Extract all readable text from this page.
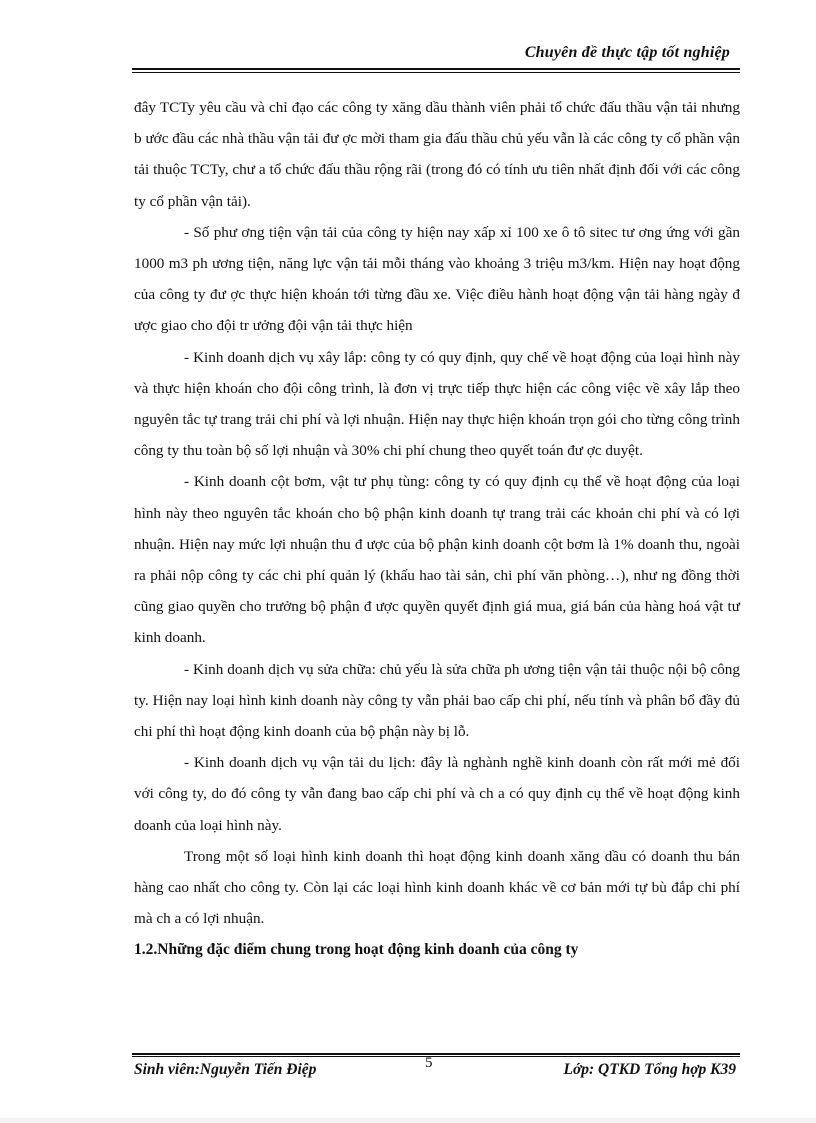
Chuyên đề thực tập tốt nghiệp

đây TCTy yêu cầu và chỉ đạo các công ty xăng dầu thành viên phải tổ chức đấu thầu vận tải nhưng b ước đầu các nhà thầu vận tải đư ợc mời tham gia đấu thầu chủ yếu vẫn là các công ty cổ phần vận tải thuộc TCTy, chư a tổ chức đấu thầu rộng rãi (trong đó có tính ưu tiên nhất định đối với các công ty cổ phần vận tải).

- Số phư ơng tiện vận tải của công ty hiện nay xấp xỉ 100 xe ô tô sitec tư ơng ứng với gần 1000 m3 ph ương tiện, năng lực vận tải mỗi tháng vào khoảng 3 triệu m3/km. Hiện nay hoạt động của công ty đư ợc thực hiện khoán tới từng đầu xe. Việc điều hành hoạt động vận tải hàng ngày đ ược giao cho đội tr ưởng đội vận tải thực hiện

- Kinh doanh dịch vụ xây lắp: công ty có quy định, quy chế về hoạt động của loại hình này và thực hiện khoán cho đội công trình, là đơn vị trực tiếp thực hiện các công việc về xây lắp theo nguyên tắc tự trang trải chi phí và lợi nhuận. Hiện nay thực hiện khoán trọn gói cho từng công trình công ty thu toàn bộ số lợi nhuận và 30% chi phí chung theo quyết toán đư ợc duyệt.

- Kinh doanh cột bơm, vật tư phụ tùng: công ty có quy định cụ thể về hoạt động của loại hình này theo nguyên tắc khoán cho bộ phận kinh doanh tự trang trải các khoản chi phí và có lợi nhuận. Hiện nay mức lợi nhuận thu đ ược của bộ phận kinh doanh cột bơm là 1% doanh thu, ngoài ra phải nộp công ty các chi phí quản lý (khấu hao tài sản, chi phí văn phòng…), như ng đồng thời cũng giao quyền cho trưởng bộ phận đ ược quyền quyết định giá mua, giá bán của hàng hoá vật tư kinh doanh.

- Kinh doanh dịch vụ sửa chữa: chủ yếu là sửa chữa ph ương tiện vận tải thuộc nội bộ công ty. Hiện nay loại hình kinh doanh này công ty vẫn phải bao cấp chi phí, nếu tính và phân bổ đầy đủ chi phí thì hoạt động kinh doanh của bộ phận này bị lỗ.

- Kinh doanh dịch vụ vận tải du lịch: đây là nghành nghề kinh doanh còn rất mới mẻ đối với công ty, do đó công ty vẫn đang bao cấp chi phí và ch a có quy định cụ thể về hoạt động kinh doanh của loại hình này.

Trong một số loại hình kinh doanh thì hoạt động kinh doanh xăng dầu có doanh thu bán hàng cao nhất cho công ty. Còn lại các loại hình kinh doanh khác về cơ bản mới tự bù đắp chi phí mà ch a có lợi nhuận.

1.2.Những đặc điểm chung trong hoạt động kinh doanh của công ty

Sinh viên:Nguyễn Tiến Điệp	5	Lớp: QTKD Tổng hợp K39
